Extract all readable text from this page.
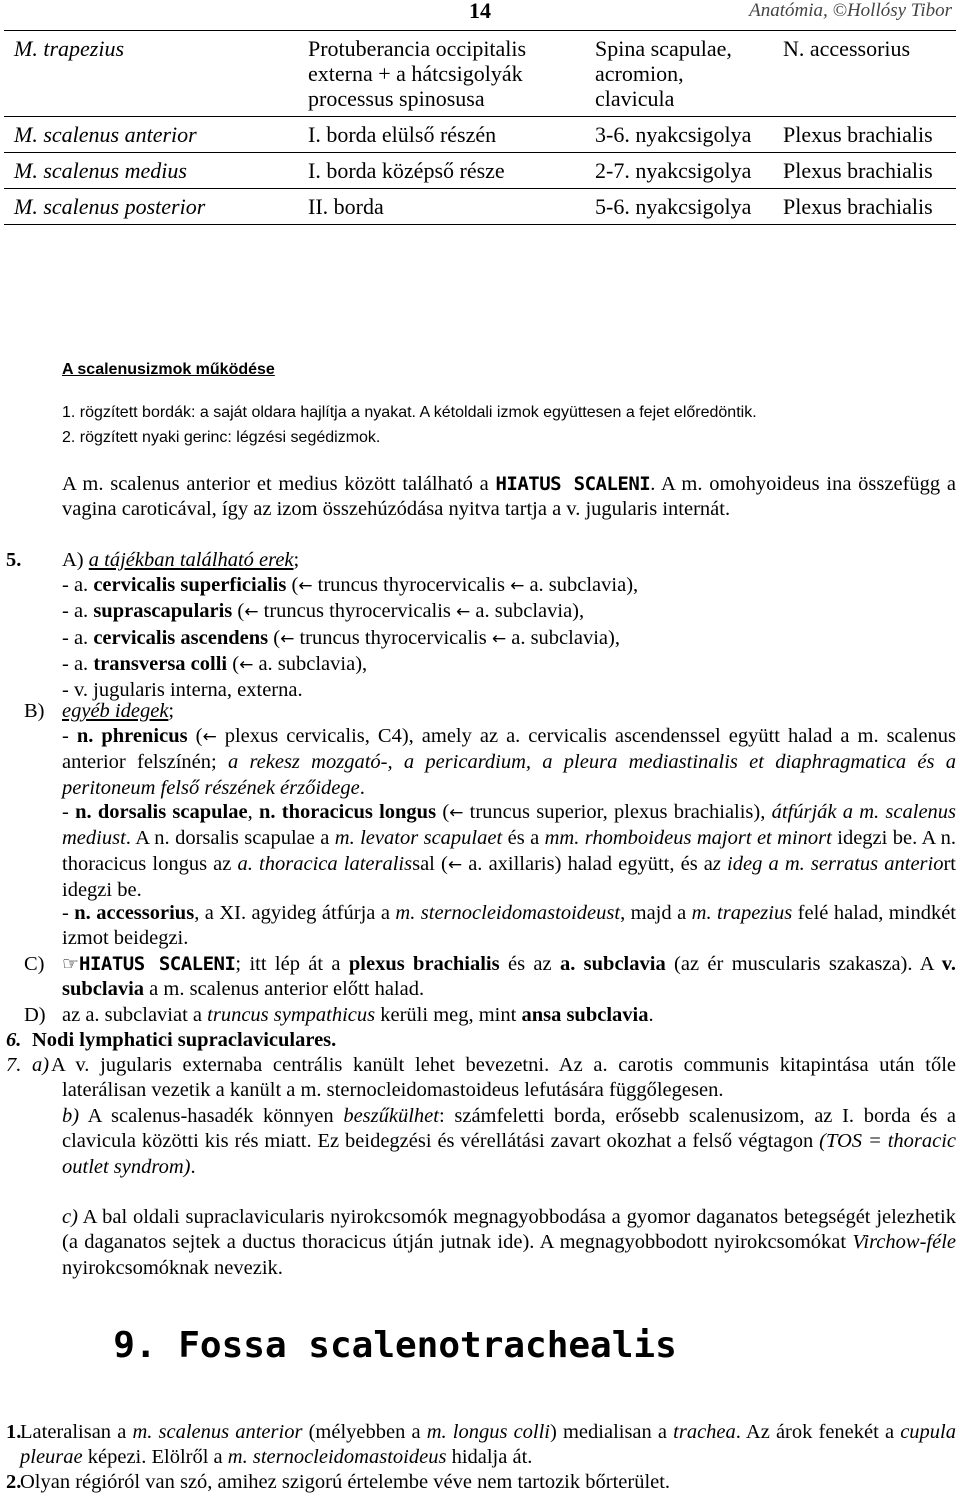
14	Anatómia, ©Hollósy Tibor
M. trapezius	Protuberancia occipitalis externa + a hátcsigolyák processus spinosusa	Spina scapulae, acromion, clavicula	N. accessorius
M. scalenus anterior	I. borda elülső részén	3-6. nyakcsigolya	Plexus brachialis
M. scalenus medius	I. borda középső része	2-7. nyakcsigolya	Plexus brachialis
M. scalenus posterior	II. borda	5-6. nyakcsigolya	Plexus brachialis
A scalenusizmok működése
1. rögzített bordák: a saját oldara hajlítja a nyakat. A kétoldali izmok együttesen a fejet előredöntik.
2. rögzített nyaki gerinc: légzési segédizmok.
A m. scalenus anterior et medius között található a HIATUS SCALENI. A m. omohyoideus ina összefügg a vagina caroticával, így az izom összehúzódása nyitva tartja a v. jugularis internát.
5. A) a tájékban található erek;
- a. cervicalis superficialis (← truncus thyrocervicalis ← a. subclavia),
- a. suprascapularis (← truncus thyrocervicalis ← a. subclavia),
- a. cervicalis ascendens (← truncus thyrocervicalis ← a. subclavia),
- a. transversa colli (← a. subclavia),
- v. jugularis interna, externa.
B) egyéb idegek;
- n. phrenicus (← plexus cervicalis, C4), amely az a. cervicalis ascendenssel együtt halad a m. scalenus anterior felszínén; a rekesz mozgató-, a pericardium, a pleura mediastinalis et diaphragmatica és a peritoneum felső részének érzőidege.
- n. dorsalis scapulae, n. thoracicus longus (← truncus superior, plexus brachialis), átfúrják a m. scalenus mediust. A n. dorsalis scapulae a m. levator scapulaet és a mm. rhomboideus majort et minort idegzi be. A n. thoracicus longus az a. thoracica lateralissal (← a. axillaris) halad együtt, és az ideg a m. serratus anteriort idegzi be.
- n. accessorius, a XI. agyideg átfúrja a m. sternocleidomastoideust, majd a m. trapezius felé halad, mindkét izmot beidegzi.
C) ☞HIATUS SCALENI; itt lép át a plexus brachialis és az a. subclavia (az ér muscularis szakasza). A v. subclavia a m. scalenus anterior előtt halad.
D) az a. subclaviat a truncus sympathicus kerüli meg, mint ansa subclavia.
6. Nodi lymphatici supraclaviculares.
7. a) A v. jugularis externaba centrális kanült lehet bevezetni. Az a. carotis communis kitapintása után tőle laterálisan vezetik a kanült a m. sternocleidomastoideus lefutására függőlegesen.
b) A scalenus-hasadék könnyen beszűkülhet: számfeletti borda, erősebb scalenusizom, az I. borda és a clavicula közötti kis rés miatt. Ez beidegzési és vérellátási zavart okozhat a felső végtagon (TOS = thoracic outlet syndrom).
c) A bal oldali supraclavicularis nyirokcsomók megnagyobbodása a gyomor daganatos betegségét jelezhetik (a daganatos sejtek a ductus thoracicus útján jutnak ide). A megnagyobbodott nyirokcsomókat Virchow-féle nyirokcsomóknak nevezik.
9. Fossa scalenotrachealis
1.
Lateralisan a m. scalenus anterior (mélyebben a m. longus colli) medialisan a trachea. Az árok fenekét a cupula pleurae képezi. Elölről a m. sternocleidomastoideus hidalja át.
2.
Olyan régióról van szó, amihez szigorú értelembe véve nem tartozik bőrterület.
